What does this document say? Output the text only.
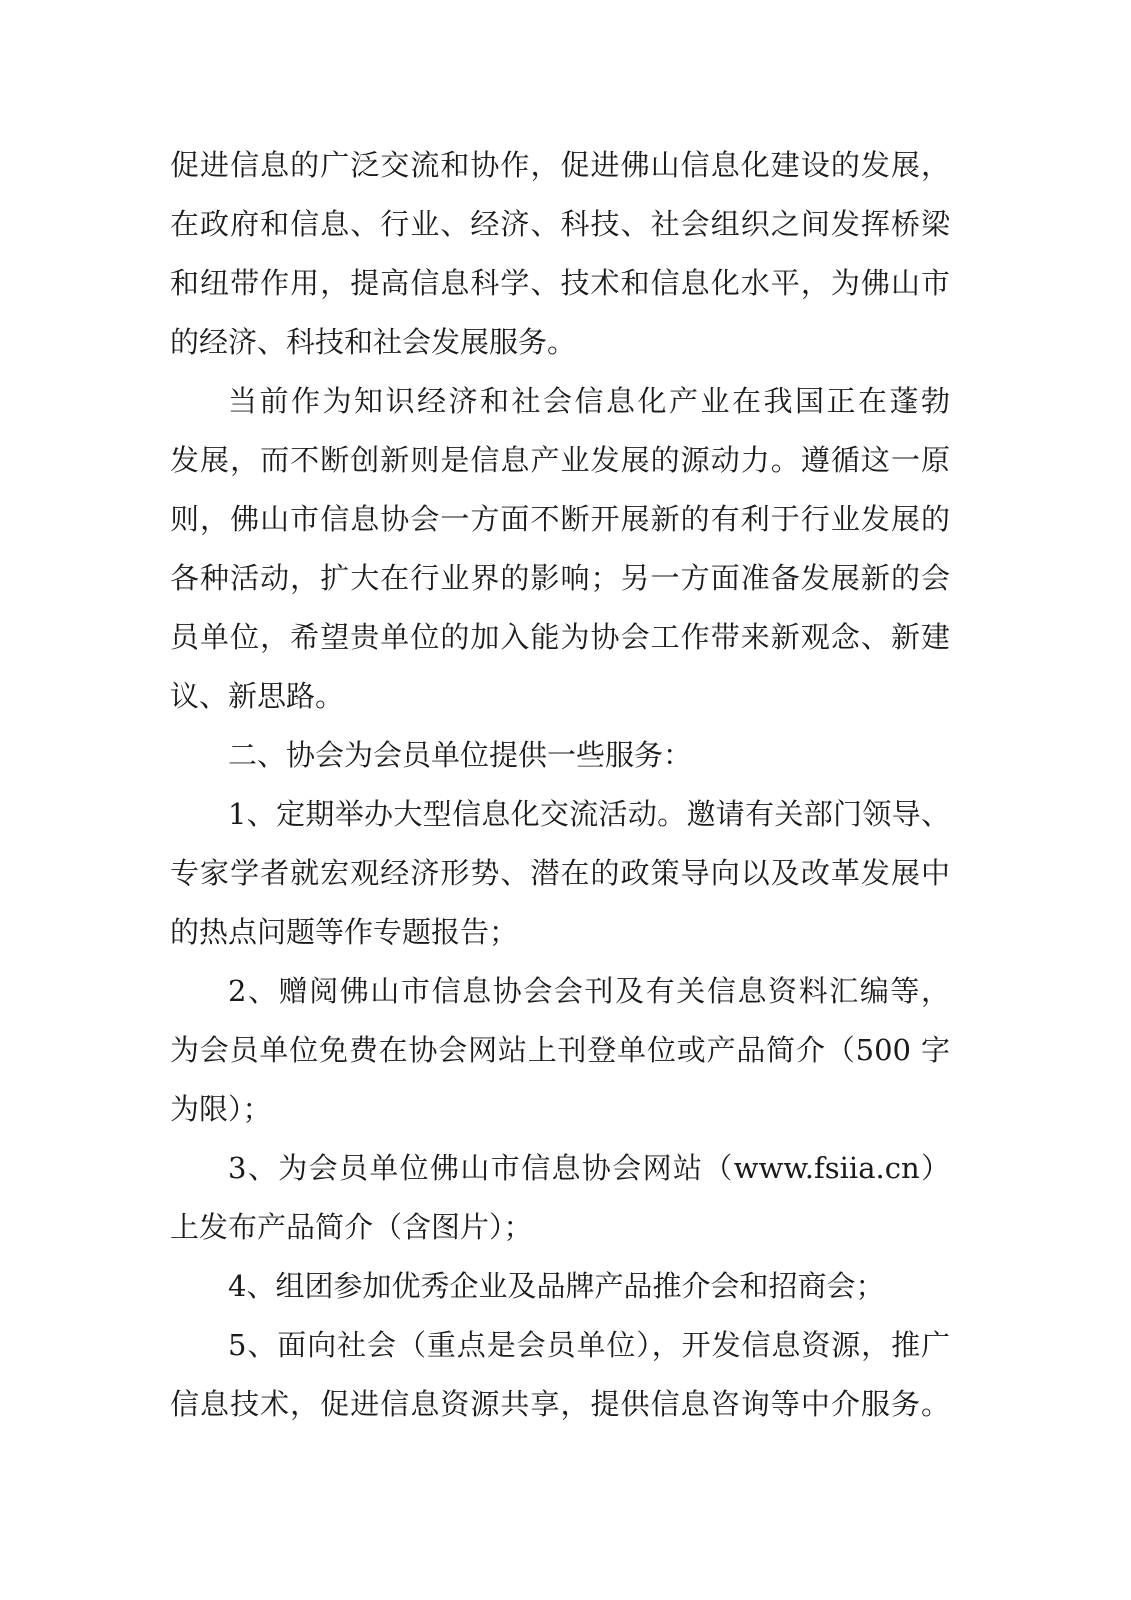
促进信息的广泛交流和协作，促进佛山信息化建设的发展，
在政府和信息、行业、经济、科技、社会组织之间发挥桥梁
和纽带作用，提高信息科学、技术和信息化水平，为佛山市
的经济、科技和社会发展服务。
当前作为知识经济和社会信息化产业在我国正在蓬勃
发展，而不断创新则是信息产业发展的源动力。遵循这一原
则，佛山市信息协会一方面不断开展新的有利于行业发展的
各种活动，扩大在行业界的影响；另一方面准备发展新的会
员单位，希望贵单位的加入能为协会工作带来新观念、新建
议、新思路。
二、协会为会员单位提供一些服务：
1、定期举办大型信息化交流活动。邀请有关部门领导、
专家学者就宏观经济形势、潜在的政策导向以及改革发展中
的热点问题等作专题报告；
2、赠阅佛山市信息协会会刊及有关信息资料汇编等，
为会员单位免费在协会网站上刊登单位或产品简介（500 字
为限）；
3、为会员单位佛山市信息协会网站（www.fsiia.cn）
上发布产品简介（含图片）；
4、组团参加优秀企业及品牌产品推介会和招商会；
5、面向社会（重点是会员单位），开发信息资源，推广
信息技术，促进信息资源共享，提供信息咨询等中介服务。
